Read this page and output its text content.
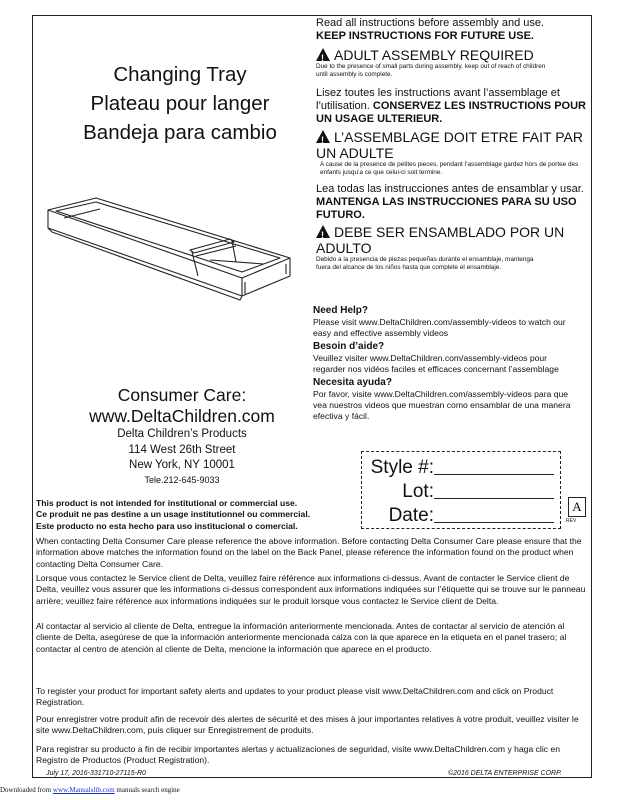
Changing Tray
Plateau pour langer
Bandeja para cambio
Consumer Care:
www.DeltaChildren.com
Delta Children’s Products
114 West 26th Street
New York, NY 10001
Tele.212-645-9033
Read all instructions before assembly and use.
KEEP INSTRUCTIONS FOR FUTURE USE.
!ADULT ASSEMBLY REQUIRED
Due to the presence of small parts during assembly, keep out of reach of children until assembly is complete.
Lisez toutes les instructions avant l’assemblage et l’utilisation. CONSERVEZ LES INSTRUCTIONS POUR UN USAGE ULTERIEUR.
!L’ASSEMBLAGE DOIT ETRE FAIT PAR UN ADULTE
A cause de la presence de petites pieces, pendant l’assemblage gardez hors de portee des enfants jusqu’a ce que celui-ci soit termine.
Lea todas las instrucciones antes de ensamblar y usar. MANTENGA LAS INSTRUCCIONES PARA SU USO FUTURO.
!DEBE SER ENSAMBLADO POR UN ADULTO
Debido a la presencia de piezas pequeñas durante el ensamblaje, mantenga fuera del alcance de los niños hasta que complete el ensamblaje.
Need Help?
Please visit www.DeltaChildren.com/assembly-videos to watch our easy and effective assembly videos
Besoin d’aide?
Veuillez visiter www.DeltaChildren.com/assembly-videos pour regarder nos vidéos faciles et efficaces concernant l’assemblage
Necesita ayuda?
Por favor, visite www.DeltaChildren.com/assembly-videos para que vea nuestros videos que muestran como ensamblar de una manera efectiva y fácil.
Style #:
Lot:
Date:	A
REV
This product is not intended for institutional or commercial use.
Ce produit ne pas destine a un usage institutionnel ou commercial.
Este producto no esta hecho para uso institucional o comercial.
When contacting Delta Consumer Care please reference the above information. Before contacting Delta Consumer Care please ensure that the information above matches the information found on the label on the Back Panel, please reference the information found on the product when contacting Delta Consumer Care.
Lorsque vous contactez le Service client de Delta, veuillez faire référence aux informations ci-dessus. Avant de contacter le Service client de Delta, veuillez vous assurer que les informations ci-dessus correspondent aux informations indiquées sur l’étiquette qui se trouve sur le panneau arrière; veuillez faire référence aux informations indiquées sur le produit lorsque vous contactez le Service client de Delta.
Al contactar al servicio al cliente de Delta, entregue la información anteriormente mencionada. Antes de contactar al servicio de atención al cliente de Delta, asegúrese de que la información anteriormente mencionada calza con la que aparece en la etiqueta en el panel trasero; al contactar al centro de atención al cliente de Delta, mencione la información que aparece en el producto.
To register your product for important safety alerts and updates to your product please visit www.DeltaChildren.com and click on Product Registration.
Pour enregistrer votre produit afin de recevoir des alertes de sécurité et des mises à jour importantes relatives à votre produit, veuillez visiter le site www.DeltaChildren.com, puis cliquer sur Enregistrement de produits.
Para registrar su producto a fin de recibir importantes alertas y actualizaciones de seguridad, visite www.DeltaChildren.com y haga clic en Registro de Productos (Product Registration).
July 17, 2016-331710-27115-R0	©2016 DELTA ENTERPRISE CORP.
Downloaded from www.Manualslib.com manuals search engine
